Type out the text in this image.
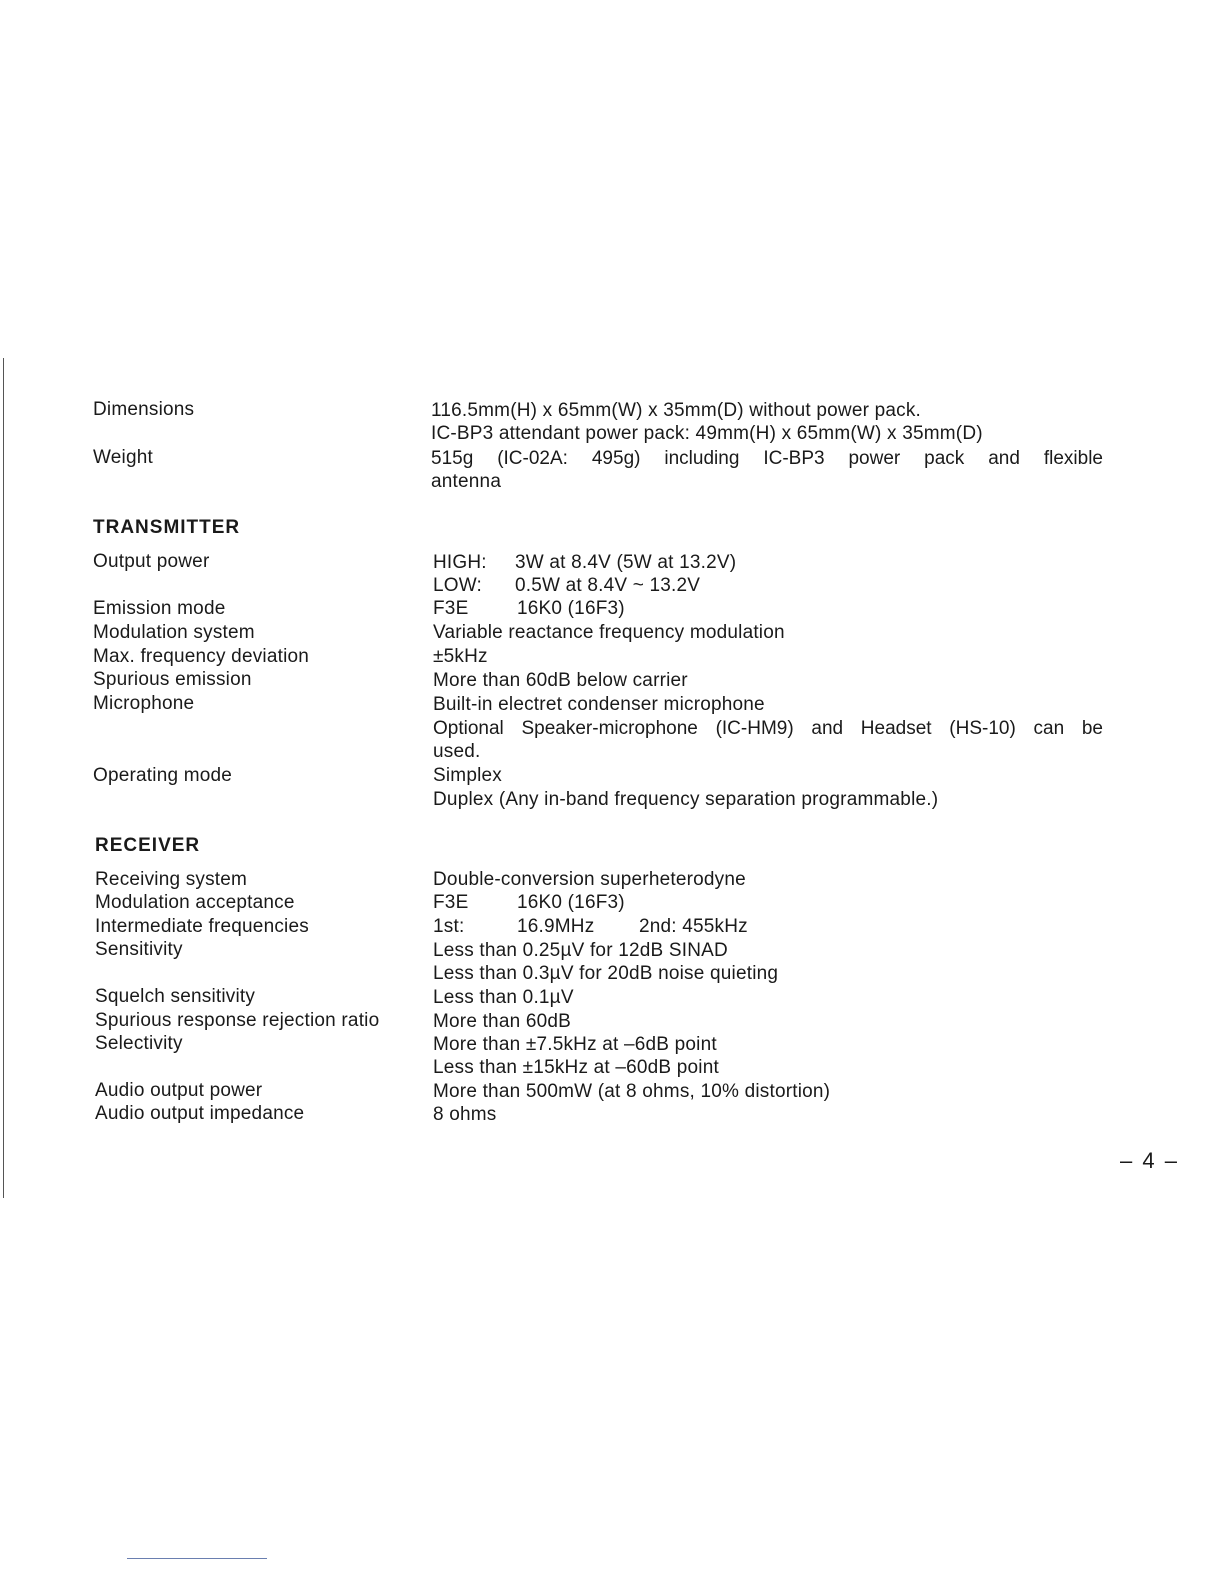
Dimensions	116.5mm(H) x 65mm(W) x 35mm(D) without power pack.
IC-BP3 attendant power pack: 49mm(H) x 65mm(W) x 35mm(D)
Weight	515g (IC-02A: 495g) including IC-BP3 power pack and flexible
antenna
TRANSMITTER
Output power	HIGH: 3W at 8.4V (5W at 13.2V)
LOW: 0.5W at 8.4V ~ 13.2V
Emission mode	F3E	16K0 (16F3)
Modulation system	Variable reactance frequency modulation
Max. frequency deviation	±5kHz
Spurious emission	More than 60dB below carrier
Microphone	Built-in electret condenser microphone
Optional Speaker-microphone (IC-HM9) and Headset (HS-10) can be
used.
Operating mode	Simplex
Duplex (Any in-band frequency separation programmable.)
RECEIVER
Receiving system	Double-conversion superheterodyne
Modulation acceptance	F3E	16K0 (16F3)
Intermediate frequencies	1st:	16.9MHz 2nd: 455kHz
Sensitivity	Less than 0.25µV for 12dB SINAD
Less than 0.3µV for 20dB noise quieting
Squelch sensitivity	Less than 0.1µV
Spurious response rejection ratio	More than 60dB
Selectivity	More than ±7.5kHz at –6dB point
Less than ±15kHz at –60dB point
Audio output power	More than 500mW (at 8 ohms, 10% distortion)
Audio output impedance	8 ohms
– 4 –
